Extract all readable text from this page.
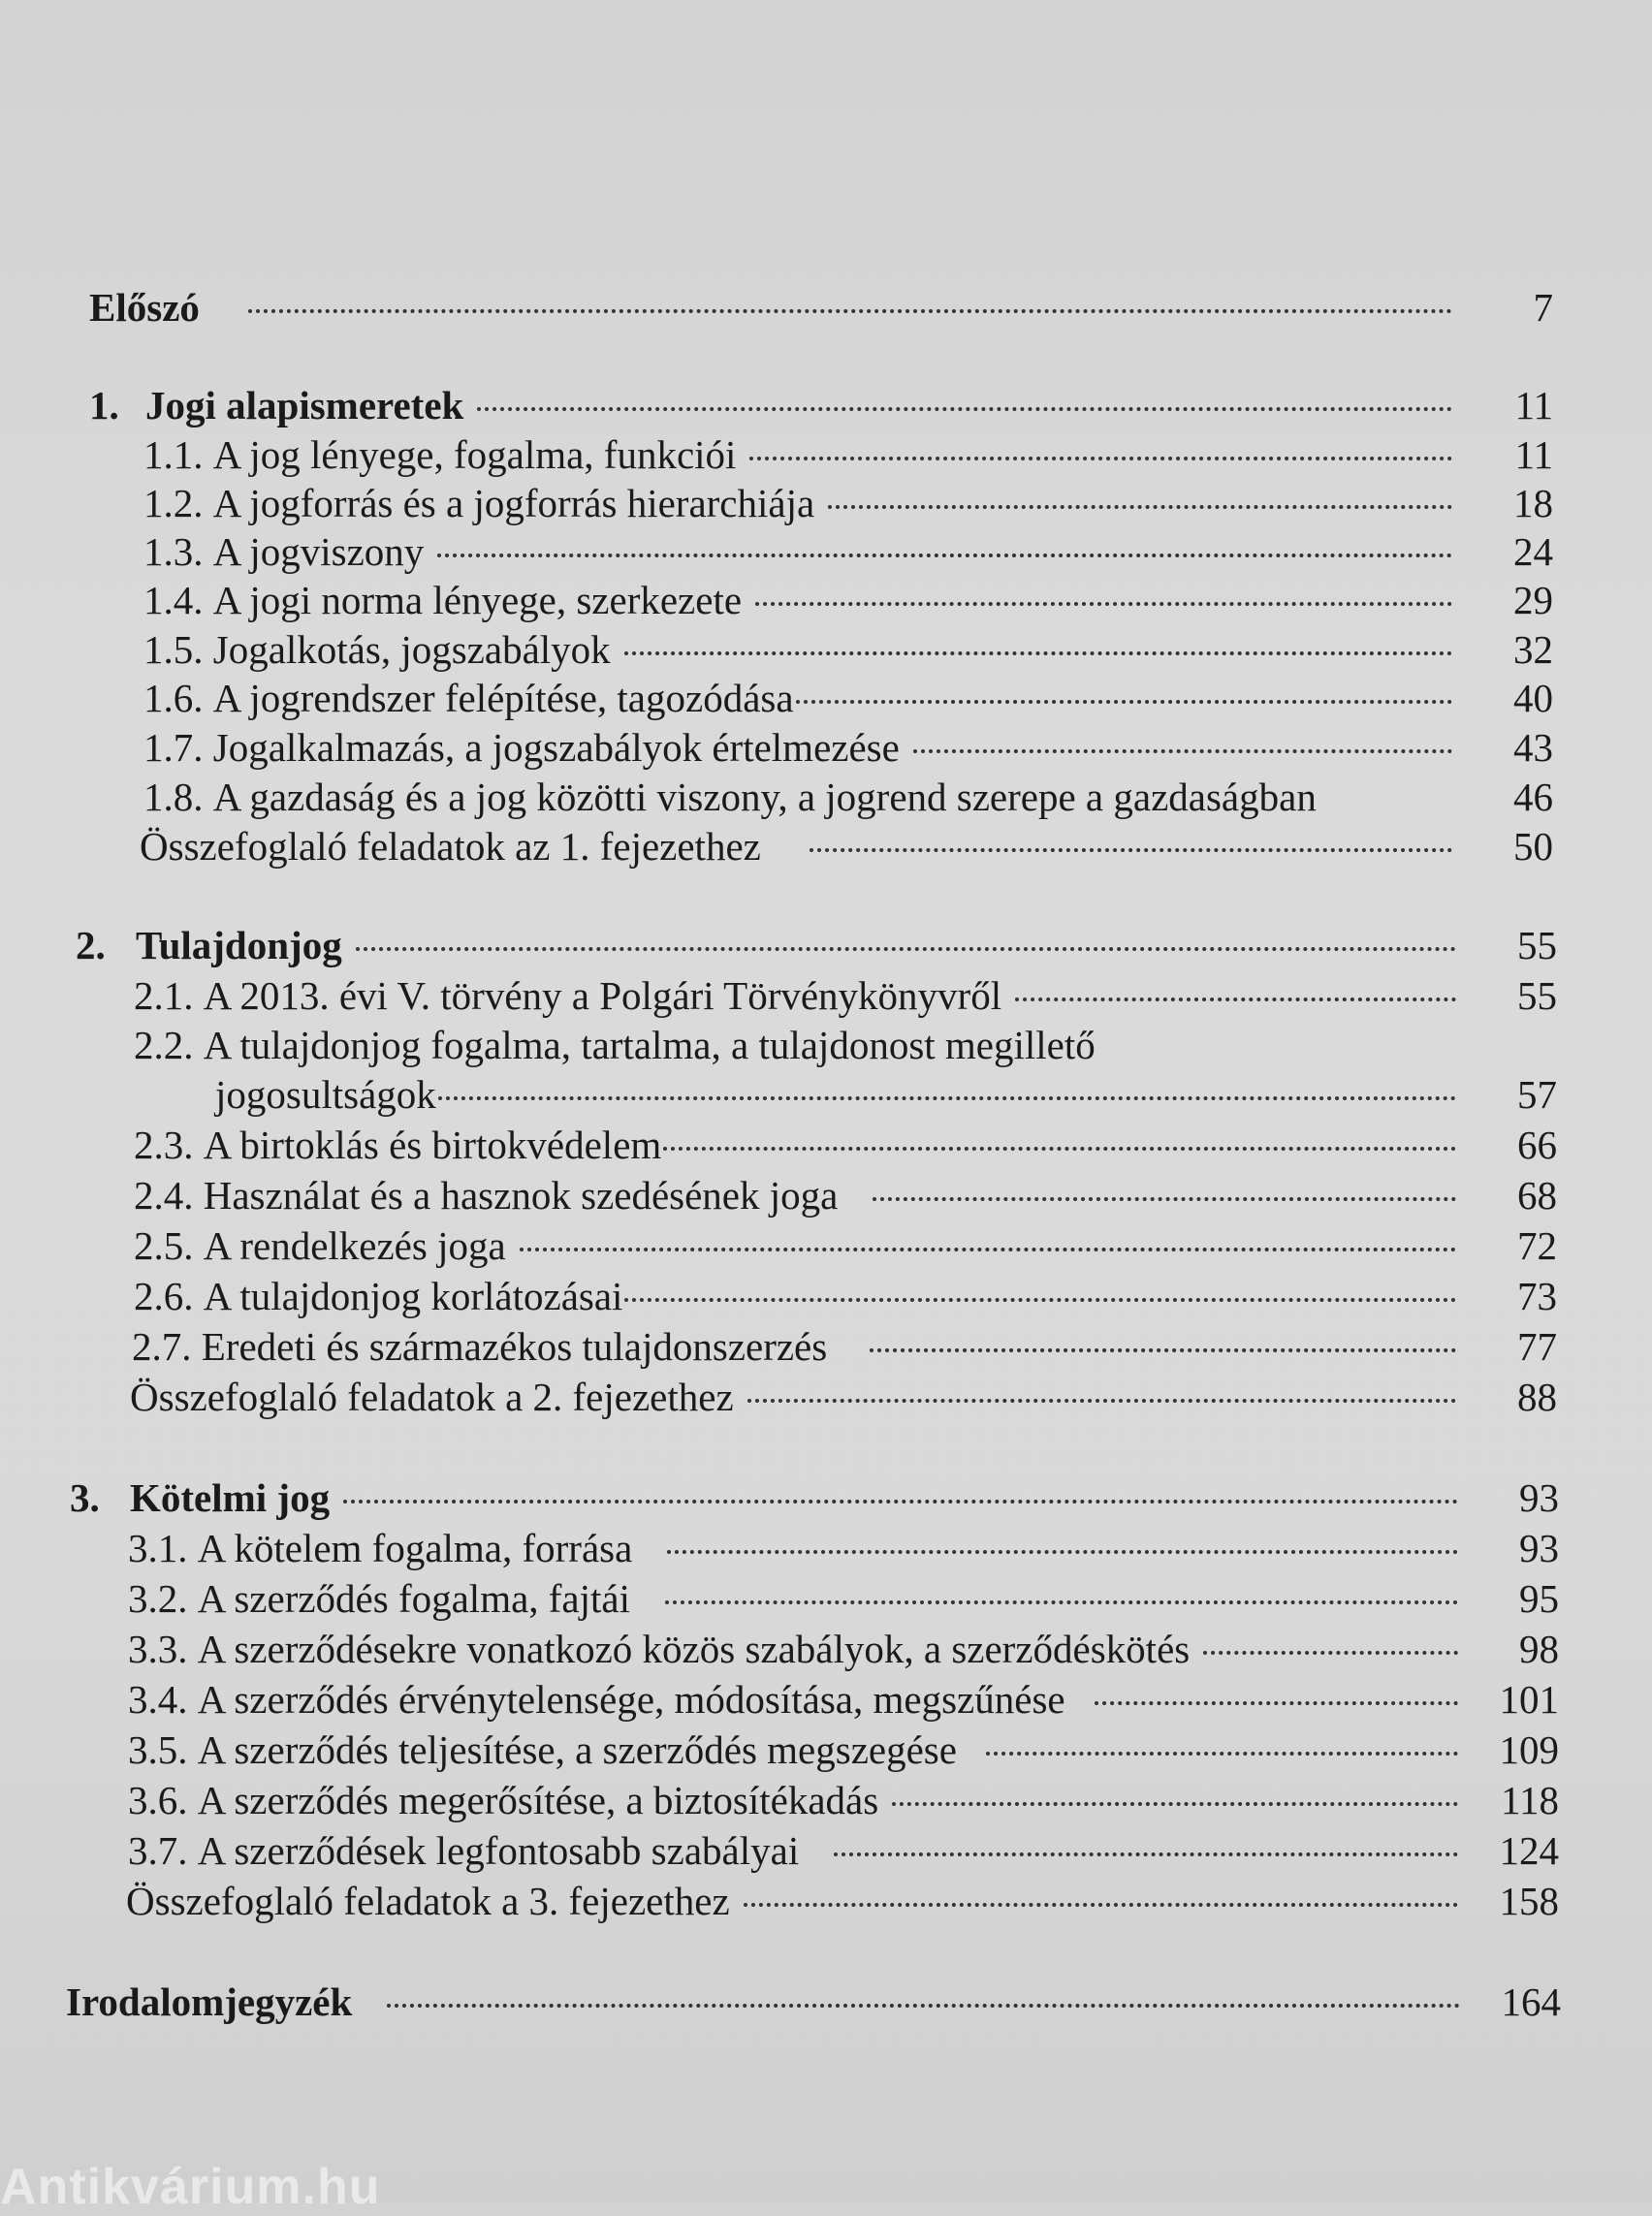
Előszó	7
1. Jogi alapismeretek	11
1.1.
A jog lényege, fogalma, funkciói	11
1.2.
A jogforrás és a jogforrás hierarchiája	18
1.3.
A jogviszony	24
1.4.
A jogi norma lényege, szerkezete	29
1.5.
Jogalkotás, jogszabályok	32
1.6.
A jogrendszer felépítése, tagozódása	40
1.7.
Jogalkalmazás, a jogszabályok értelmezése	43
1.8.
A gazdaság és a jog közötti viszony, a jogrend szerepe a gazdaságban	46
Összefoglaló feladatok az 1. fejezethez	50
2. Tulajdonjog	55
2.1.
A 2013. évi V. törvény a Polgári Törvénykönyvről	55
2.2. A tulajdonjog fogalma, tartalma, a tulajdonost megillető
jogosultságok	57
2.3.
A birtoklás és birtokvédelem	66
2.4.
Használat és a hasznok szedésének joga	68
2.5.
A rendelkezés joga	72
2.6.
A tulajdonjog korlátozásai	73
2.7.
Eredeti és származékos tulajdonszerzés	77
Összefoglaló feladatok a 2. fejezethez	88
3. Kötelmi jog	93
3.1.
A kötelem fogalma, forrása	93
3.2.
A szerződés fogalma, fajtái	95
3.3.
A szerződésekre vonatkozó közös szabályok, a szerződéskötés	98
3.4.
A szerződés érvénytelensége, módosítása, megszűnése	101
3.5.
A szerződés teljesítése, a szerződés megszegése	109
3.6.
A szerződés megerősítése, a biztosítékadás	118
3.7.
A szerződések legfontosabb szabályai	124
Összefoglaló feladatok a 3. fejezethez	158
Irodalomjegyzék	164
Antikvárium.hu
